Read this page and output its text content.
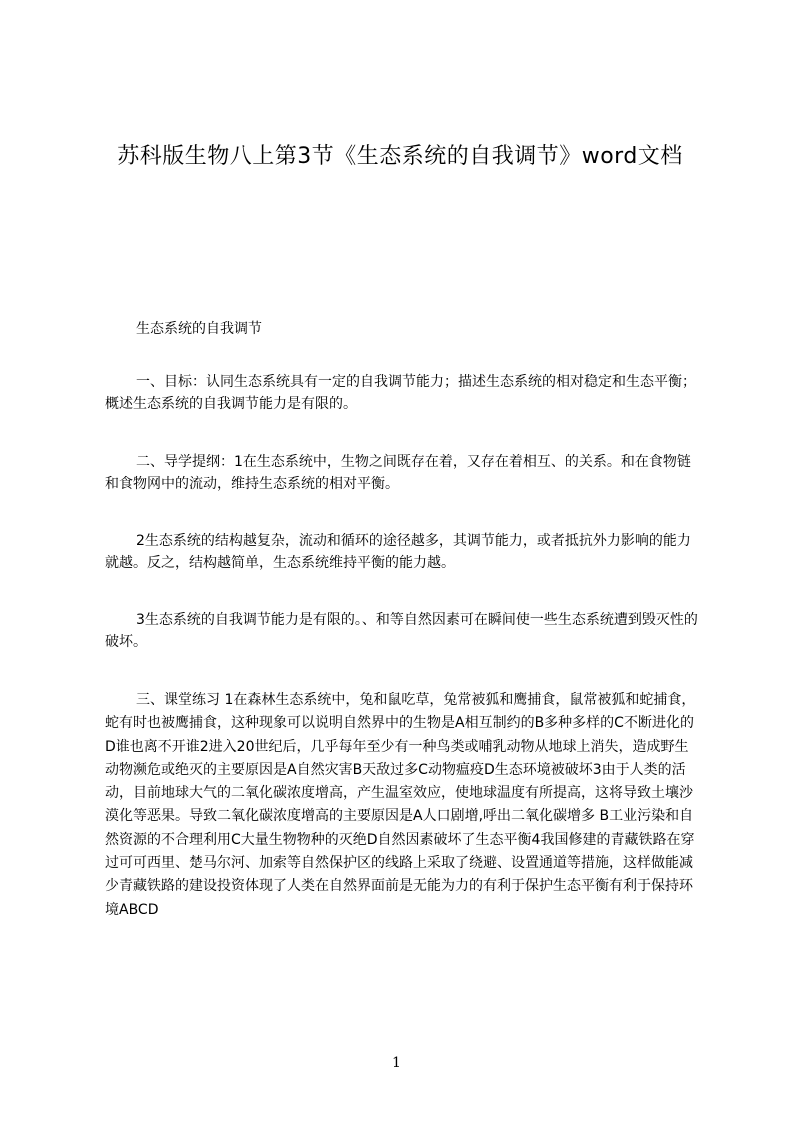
苏科版生物八上第3节《生态系统的自我调节》word文档

生态系统的自我调节

一、目标：认同生态系统具有一定的自我调节能力；描述生态系统的相对稳定和生态平衡；概述生态系统的自我调节能力是有限的。

二、导学提纲：1在生态系统中，生物之间既存在着，又存在着相互、的关系。和在食物链和食物网中的流动，维持生态系统的相对平衡。

2生态系统的结构越复杂，流动和循环的途径越多，其调节能力，或者抵抗外力影响的能力就越。反之，结构越简单，生态系统维持平衡的能力越。

3生态系统的自我调节能力是有限的。、和等自然因素可在瞬间使一些生态系统遭到毁灭性的破坏。

三、课堂练习 1在森林生态系统中，兔和鼠吃草，兔常被狐和鹰捕食，鼠常被狐和蛇捕食，蛇有时也被鹰捕食，这种现象可以说明自然界中的生物是A相互制约的B多种多样的C不断进化的D谁也离不开谁2进入20世纪后，几乎每年至少有一种鸟类或哺乳动物从地球上消失，造成野生动物濒危或绝灭的主要原因是A自然灾害B天敌过多C动物瘟疫D生态环境被破坏3由于人类的活动，目前地球大气的二氧化碳浓度增高，产生温室效应，使地球温度有所提高，这将导致土壤沙漠化等恶果。导致二氧化碳浓度增高的主要原因是A人口剧增,呼出二氧化碳增多 B工业污染和自然资源的不合理利用C大量生物物种的灭绝D自然因素破坏了生态平衡4我国修建的青藏铁路在穿过可可西里、楚马尔河、加索等自然保护区的线路上采取了绕避、设置通道等措施，这样做能减少青藏铁路的建设投资体现了人类在自然界面前是无能为力的有利于保护生态平衡有利于保持环境ABCD

1
